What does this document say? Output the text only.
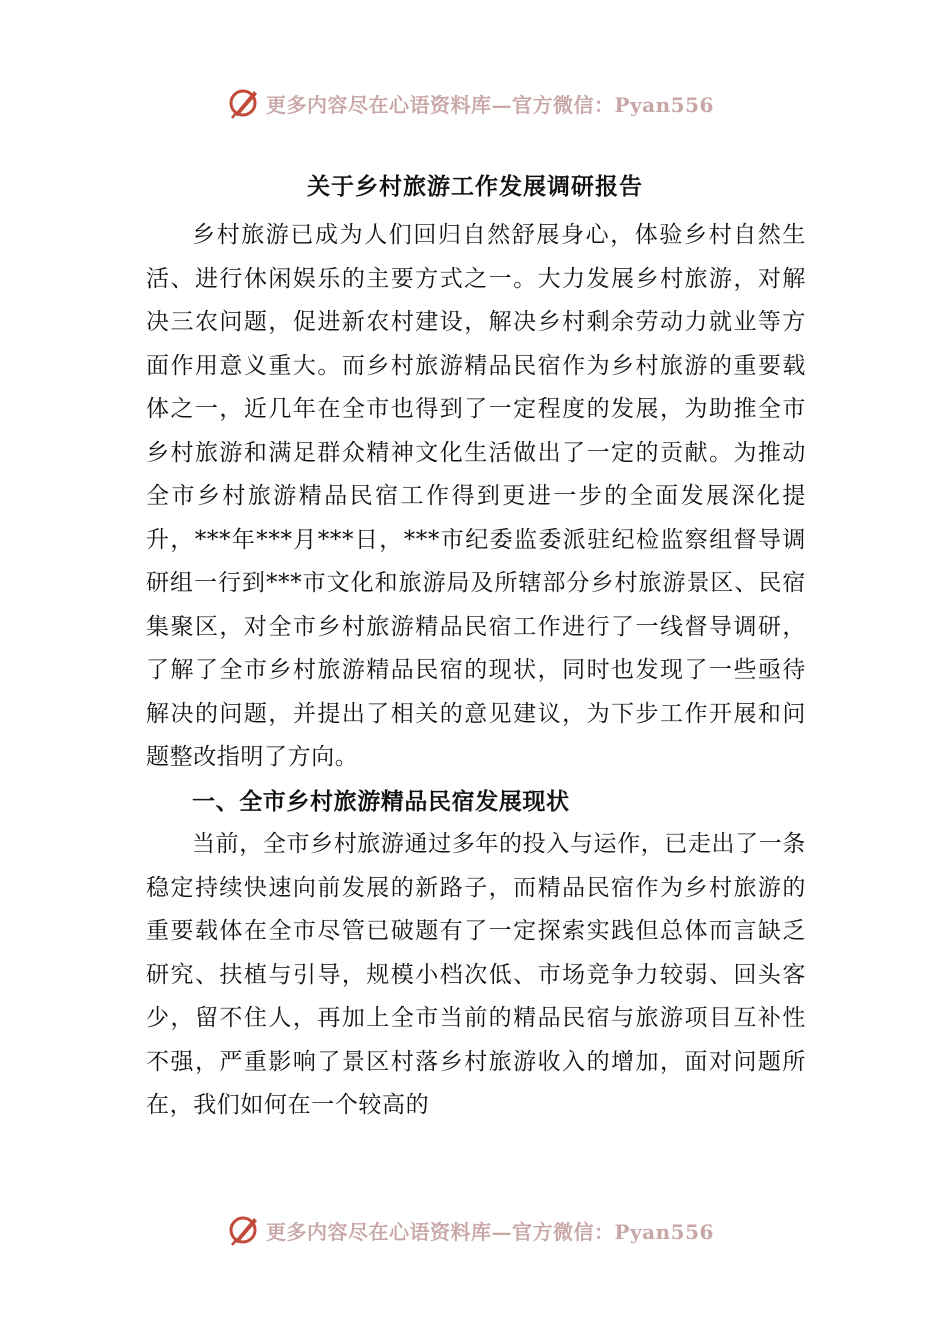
更多内容尽在心语资料库—官方微信：Pyan556
关于乡村旅游工作发展调研报告

乡村旅游已成为人们回归自然舒展身心，体验乡村自然生活、进行休闲娱乐的主要方式之一。大力发展乡村旅游，对解决三农问题，促进新农村建设，解决乡村剩余劳动力就业等方面作用意义重大。而乡村旅游精品民宿作为乡村旅游的重要载体之一，近几年在全市也得到了一定程度的发展，为助推全市乡村旅游和满足群众精神文化生活做出了一定的贡献。为推动全市乡村旅游精品民宿工作得到更进一步的全面发展深化提升，***年***月***日，***市纪委监委派驻纪检监察组督导调研组一行到***市文化和旅游局及所辖部分乡村旅游景区、民宿集聚区，对全市乡村旅游精品民宿工作进行了一线督导调研，了解了全市乡村旅游精品民宿的现状，同时也发现了一些亟待解决的问题，并提出了相关的意见建议，为下步工作开展和问题整改指明了方向。

一、全市乡村旅游精品民宿发展现状

当前，全市乡村旅游通过多年的投入与运作，已走出了一条稳定持续快速向前发展的新路子，而精品民宿作为乡村旅游的重要载体在全市尽管已破题有了一定探索实践但总体而言缺乏研究、扶植与引导，规模小档次低、市场竞争力较弱、回头客少，留不住人，再加上全市当前的精品民宿与旅游项目互补性不强，严重影响了景区村落乡村旅游收入的增加，面对问题所在，我们如何在一个较高的

更多内容尽在心语资料库—官方微信：Pyan556
